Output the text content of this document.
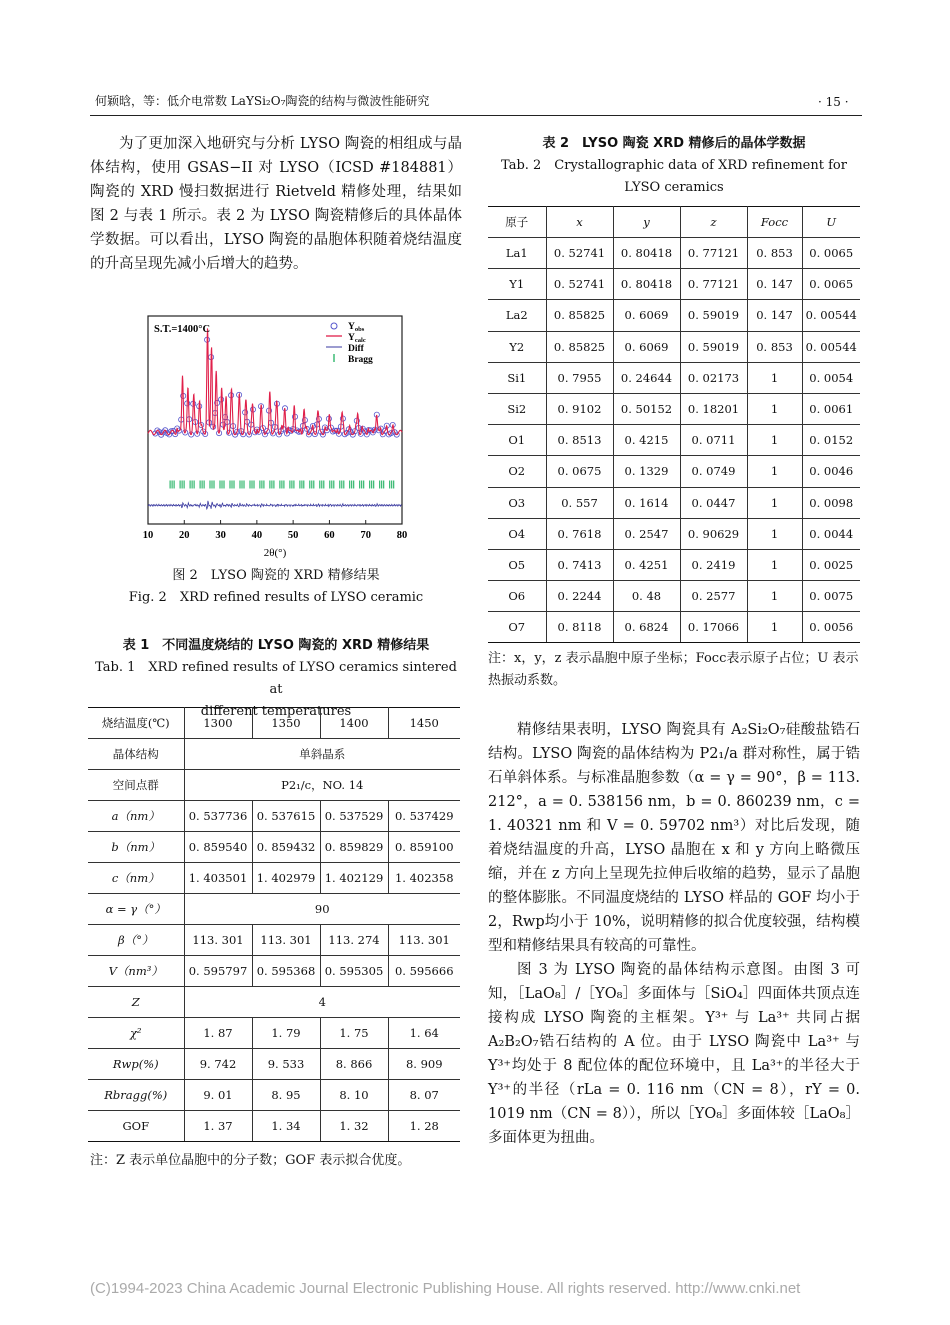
何颖晗，等：低介电常数 LaYSi₂O₇陶瓷的结构与微波性能研究	· 15 ·

为了更加深入地研究与分析 LYSO 陶瓷的相组成与晶体结构，使用 GSAS−II 对 LYSO（ICSD #184881）陶瓷的 XRD 慢扫数据进行 Rietveld 精修处理，结果如图 2 与表 1 所示。表 2 为 LYSO 陶瓷精修后的具体晶体学数据。可以看出，LYSO 陶瓷的晶胞体积随着烧结温度的升高呈现先减小后增大的趋势。

10 20 30 40 50 60 70 80
2θ(°)
S.T.=1400°C	$Y_{obs}$
$Y_{calc}$
Diff
Bragg
图 2　LYSO 陶瓷的 XRD 精修结果
Fig. 2　XRD refined results of LYSO ceramic
表 1　不同温度烧结的 LYSO 陶瓷的 XRD 精修结果
Tab. 1　XRD refined results of LYSO ceramics sintered at
different temperatures
烧结温度(℃)	1300	1350	1400	1450
晶体结构	单斜晶系			
空间点群	P2₁/c，NO. 14			
a（nm）	0. 537736	0. 537615	0. 537529	0. 537429
b（nm）	0. 859540	0. 859432	0. 859829	0. 859100
c（nm）	1. 403501	1. 402979	1. 402129	1. 402358
α = γ（°）	90			
β（°）	113. 301	113. 301	113. 274	113. 301
V（nm³）	0. 595797	0. 595368	0. 595305	0. 595666
Z	4			
χ²	1. 87	1. 79	1. 75	1. 64
Rwp(%)	9. 742	9. 533	8. 866	8. 909
Rbragg(%)	9. 01	8. 95	8. 10	8. 07
GOF	1. 37	1. 34	1. 32	1. 28
注：Z 表示单位晶胞中的分子数；GOF 表示拟合优度。
表 2　LYSO 陶瓷 XRD 精修后的晶体学数据
Tab. 2　Crystallographic data of XRD refinement for
LYSO ceramics
原子	x	y	z	Focc	U
La1	0. 52741	0. 80418	0. 77121	0. 853	0. 0065
Y1	0. 52741	0. 80418	0. 77121	0. 147	0. 0065
La2	0. 85825	0. 6069	0. 59019	0. 147	0. 00544
Y2	0. 85825	0. 6069	0. 59019	0. 853	0. 00544
Si1	0. 7955	0. 24644	0. 02173	1	0. 0054
Si2	0. 9102	0. 50152	0. 18201	1	0. 0061
O1	0. 8513	0. 4215	0. 0711	1	0. 0152
O2	0. 0675	0. 1329	0. 0749	1	0. 0046
O3	0. 557	0. 1614	0. 0447	1	0. 0098
O4	0. 7618	0. 2547	0. 90629	1	0. 0044
O5	0. 7413	0. 4251	0. 2419	1	0. 0025
O6	0. 2244	0. 48	0. 2577	1	0. 0075
O7	0. 8118	0. 6824	0. 17066	1	0. 0056
注：x，y，z 表示晶胞中原子坐标；Focc表示原子占位；U 表示热振动系数。

精修结果表明，LYSO 陶瓷具有 A₂Si₂O₇硅酸盐锆石结构。LYSO 陶瓷的晶体结构为 P2₁/a 群对称性，属于锆石单斜体系。与标准晶胞参数（α = γ = 90°，β = 113. 212°，a = 0. 538156 nm，b = 0. 860239 nm，c = 1. 40321 nm 和 V = 0. 59702 nm³）对比后发现，随着烧结温度的升高，LYSO 晶胞在 x 和 y 方向上略微压缩，并在 z 方向上呈现先拉伸后收缩的趋势，显示了晶胞的整体膨胀。不同温度烧结的 LYSO 样品的 GOF 均小于 2，Rwp均小于 10%，说明精修的拟合优度较强，结构模型和精修结果具有较高的可靠性。

图 3 为 LYSO 陶瓷的晶体结构示意图。由图 3 可知，［LaO₈］/［YO₈］多面体与［SiO₄］四面体共顶点连接构成 LYSO 陶瓷的主框架。Y³⁺ 与 La³⁺ 共同占据 A₂B₂O₇锆石结构的 A 位。由于 LYSO 陶瓷中 La³⁺ 与 Y³⁺均处于 8 配位体的配位环境中，且 La³⁺的半径大于 Y³⁺的半径（rLa = 0. 116 nm（CN = 8），rY = 0. 1019 nm（CN = 8）），所以［YO₈］多面体较［LaO₈］多面体更为扭曲。

(C)1994-2023 China Academic Journal Electronic Publishing House. All rights reserved. http://www.cnki.net
